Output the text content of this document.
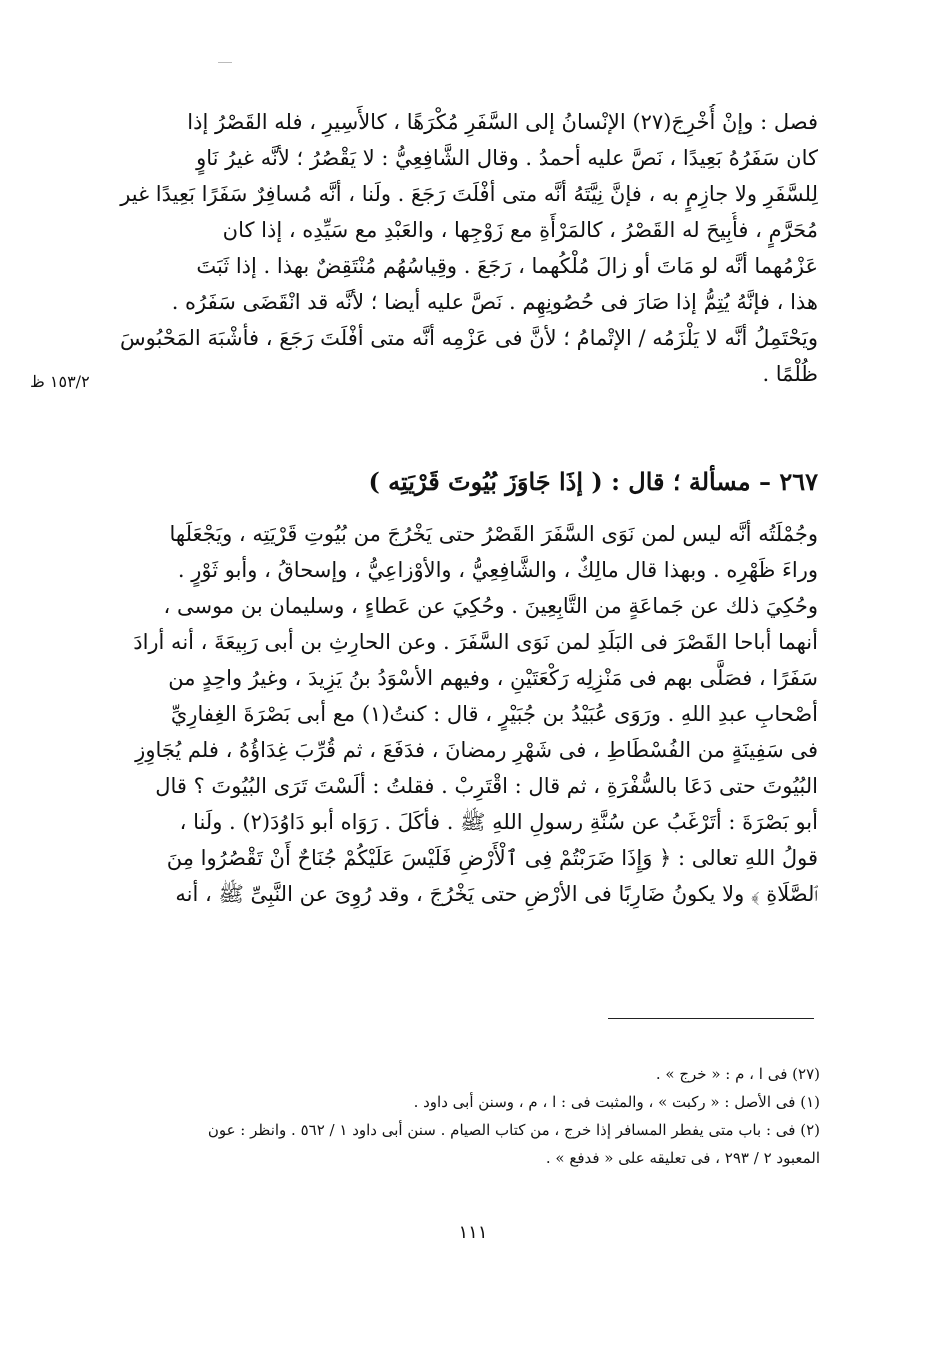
فصل : وإنْ أُخْرِجَ(٢٧) الإنْسانُ إلى السَّفَرِ مُكْرَهًا ، كالأَسِيرِ ، فله القَصْرُ إذا
كان سَفَرُهُ بَعِيدًا ، نَصَّ عليه أحمدُ . وقال الشَّافِعِيُّ : لا يَقْصُرُ ؛ لأنَّه غيرُ نَاوٍ
لِلسَّفَرِ ولا جازِمٍ به ، فإنَّ نِيَّتَهُ أنَّه متى أفْلَتَ رَجَعَ . ولَنا ، أنَّه مُسافِرٌ سَفَرًا بَعِيدًا غير
مُحَرَّمٍ ، فأُبِيحَ له القَصْرُ ، كالمَرْأَةِ مع زَوْجِها ، والعَبْدِ مع سَيِّدِه ، إذا كان
عَزْمُهما أنَّه لو مَاتَ أو زالَ مُلْكُهما ، رَجَعَ . وقِياسُهُم مُنْتَقِضٌ بهذا . إذا ثَبَتَ
هذا ، فإنَّهُ يُتِمُّ إذا صَارَ فى حُصُونِهِم . نَصَّ عليه أيضا ؛ لأنَّه قد انْقَضَى سَفَرُه .
ويَحْتَمِلُ أنَّه لا يَلْزَمُه / الإتْمامُ ؛ لأنَّ فى عَزْمِه أنَّه متى أفْلَتَ رَجَعَ ، فأشْبَهَ المَحْبُوسَ
ظُلْمًا .
١٥٣/٢ ظ
٢٦٧ – مسألة ؛ قال : ( إذَا جَاوَزَ بُيُوتَ قَرْيَتِه )
وجُمْلَتُه أنَّه ليس لمن نَوَى السَّفَرَ القَصْرُ حتى يَخْرُجَ من بُيُوتِ قَرْيَتِه ، ويَجْعَلَها
وراءَ ظَهْرِه . وبهذا قال مالِكٌ ، والشَّافِعِيُّ ، والأوْزاعِيُّ ، وإسحاقُ ، وأبو ثَوْرٍ .
وحُكِيَ ذلك عن جَماعَةٍ من التَّابِعِينَ . وحُكِيَ عن عَطاءٍ ، وسليمان بن موسى ،
أنهما أباحا القَصْرَ فى البَلَدِ لمن نَوَى السَّفَرَ . وعن الحارِثِ بن أبى رَبِيعَةَ ، أنه أرادَ
سَفَرًا ، فصَلَّى بهم فى مَنْزِلِه رَكْعَتَيْنِ ، وفيهم الأسْوَدُ بنُ يَزِيدَ ، وغيرُ واحِدٍ من
أصْحابِ عبدِ اللهِ . ورَوَى عُبَيْدُ بن جُبَيْرٍ ، قال : كنتُ(١) مع أبى بَصْرَةَ الغِفارِيِّ
فى سَفِينَةٍ من الفُسْطَاطِ ، فى شَهْرِ رمضانَ ، فدَفَعَ ، ثم قُرِّبَ غِدَاؤُهُ ، فلم يُجَاوِزِ
البُيُوتَ حتى دَعَا بالسُّفْرَةِ ، ثم قال : اقْتَرِبْ . فقلتُ : ألَسْتَ تَرَى البُيُوتَ ؟ قال
أبو بَصْرَةَ : أتَرْغَبُ عن سُنَّةِ رسولِ اللهِ ﷺ . فأكَلَ . رَوَاه أبو دَاوُدَ(٢) . ولَنا ،
قولُ اللهِ تعالى : ﴿ وَإِذَا ضَرَبْتُمْ فِى ٱلْأَرْضِ فَلَيْسَ عَلَيْكُمْ جُنَاحٌ أَنْ تَقْصُرُوا مِنَ
ٱلصَّلَاةِ ﴾ ولا يكونُ ضَارِبًا فى الأرْضِ حتى يَخْرُجَ ، وقد رُوِىَ عن النَّبِىِّ ﷺ ، أنه
(٢٧) فى ا ، م : « خرج » .
(١) فى الأصل : « ركبت » ، والمثبت فى : ا ، م ، وسنن أبى داود .
(٢) فى : باب متى يفطر المسافر إذا خرج ، من كتاب الصيام . سنن أبى داود ١ / ٥٦٢ . وانظر : عون
المعبود ٢ / ٢٩٣ ، فى تعليقه على « فدفع » .
١١١
